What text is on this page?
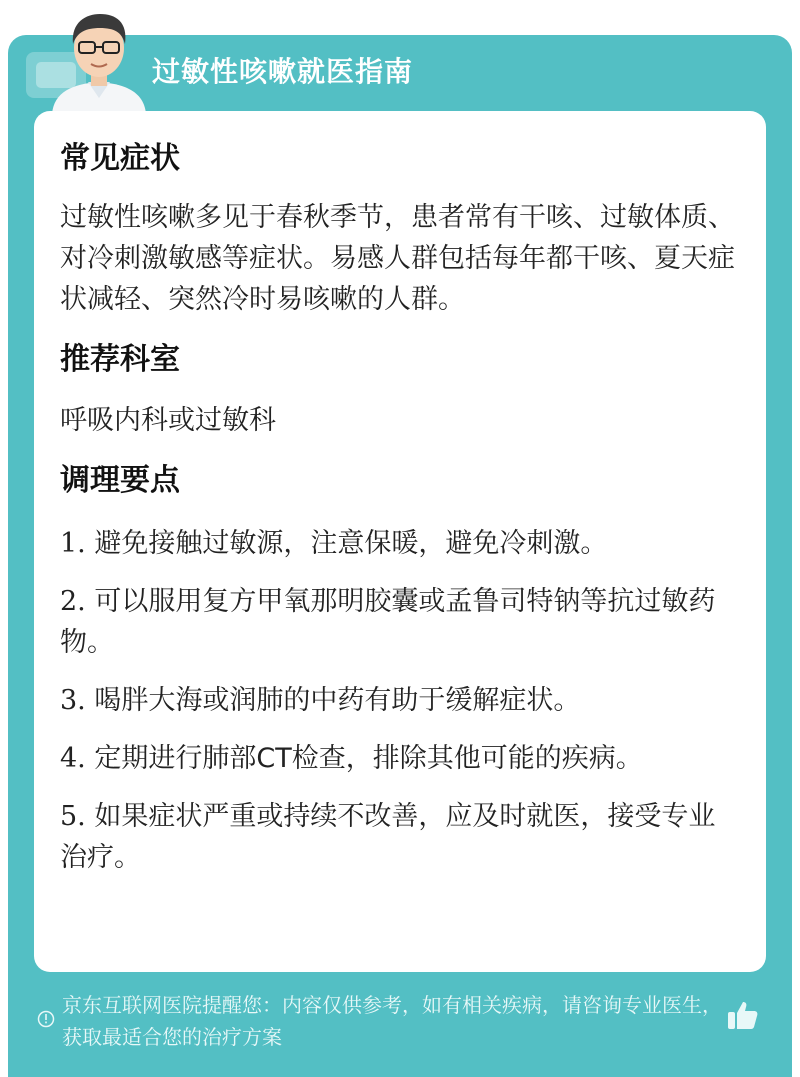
过敏性咳嗽就医指南
常见症状
过敏性咳嗽多见于春秋季节，患者常有干咳、过敏体质、对冷刺激敏感等症状。易感人群包括每年都干咳、夏天症状减轻、突然冷时易咳嗽的人群。
推荐科室
呼吸内科或过敏科
调理要点
1. 避免接触过敏源，注意保暖，避免冷刺激。
2. 可以服用复方甲氧那明胶囊或孟鲁司特钠等抗过敏药物。
3. 喝胖大海或润肺的中药有助于缓解症状。
4. 定期进行肺部CT检查，排除其他可能的疾病。
5. 如果症状严重或持续不改善，应及时就医，接受专业治疗。
京东互联网医院提醒您：内容仅供参考，如有相关疾病，请咨询专业医生，获取最适合您的治疗方案
